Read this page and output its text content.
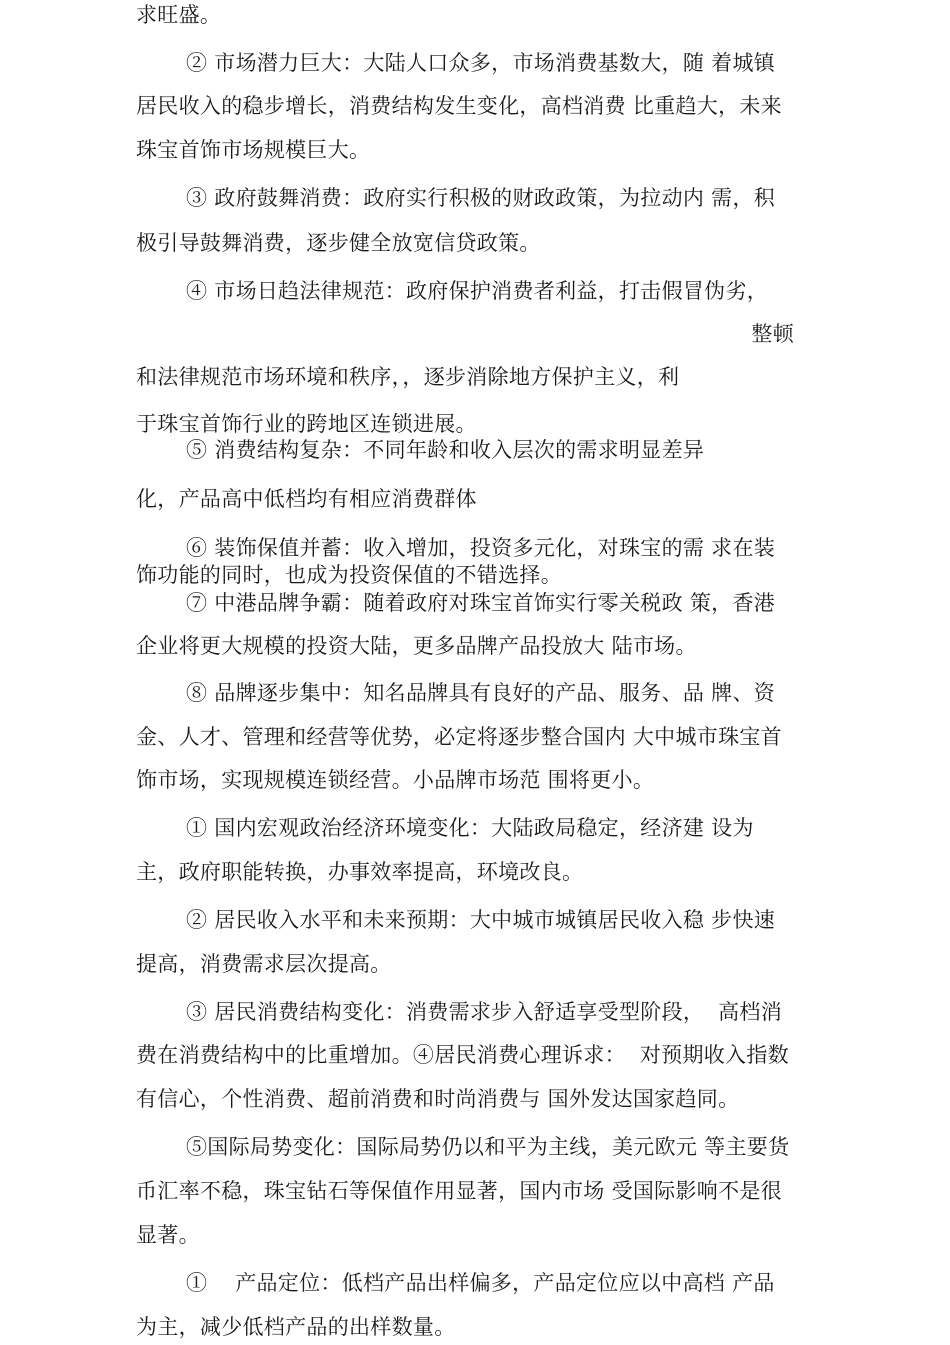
求旺盛。
② 市场潜力巨大：大陆人口众多，市场消费基数大，随 着城镇
居民收入的稳步增长，消费结构发生变化，高档消费 比重趋大，未来
珠宝首饰市场规模巨大。
③ 政府鼓舞消费：政府实行积极的财政政策，为拉动内 需，积
极引导鼓舞消费，逐步健全放宽信贷政策。
④ 市场日趋法律规范：政府保护消费者利益，打击假冒伪劣，
整顿
和法律规范市场环境和秩序，，逐步消除地方保护主义，利
于珠宝首饰行业的跨地区连锁进展。
⑤ 消费结构复杂：不同年龄和收入层次的需求明显差异
化，产品高中低档均有相应消费群体
⑥ 装饰保值并蓄：收入增加，投资多元化，对珠宝的需 求在装
饰功能的同时，也成为投资保值的不错选择。
⑦ 中港品牌争霸：随着政府对珠宝首饰实行零关税政 策，香港
企业将更大规模的投资大陆，更多品牌产品投放大 陆市场。
⑧ 品牌逐步集中：知名品牌具有良好的产品、服务、品 牌、资
金、人才、管理和经营等优势，必定将逐步整合国内 大中城市珠宝首
饰市场，实现规模连锁经营。小品牌市场范 围将更小。
① 国内宏观政治经济环境变化：大陆政局稳定，经济建 设为
主，政府职能转换，办事效率提高，环境改良。
② 居民收入水平和未来预期：大中城市城镇居民收入稳 步快速
提高，消费需求层次提高。
③ 居民消费结构变化：消费需求步入舒适享受型阶段，  高档消
费在消费结构中的比重增加。④居民消费心理诉求：  对预期收入指数
有信心，个性消费、超前消费和时尚消费与 国外发达国家趋同。
⑤国际局势变化：国际局势仍以和平为主线，美元欧元 等主要货
币汇率不稳，珠宝钻石等保值作用显著，国内市场 受国际影响不是很
显著。
①    产品定位：低档产品出样偏多，产品定位应以中高档 产品
为主，减少低档产品的出样数量。
